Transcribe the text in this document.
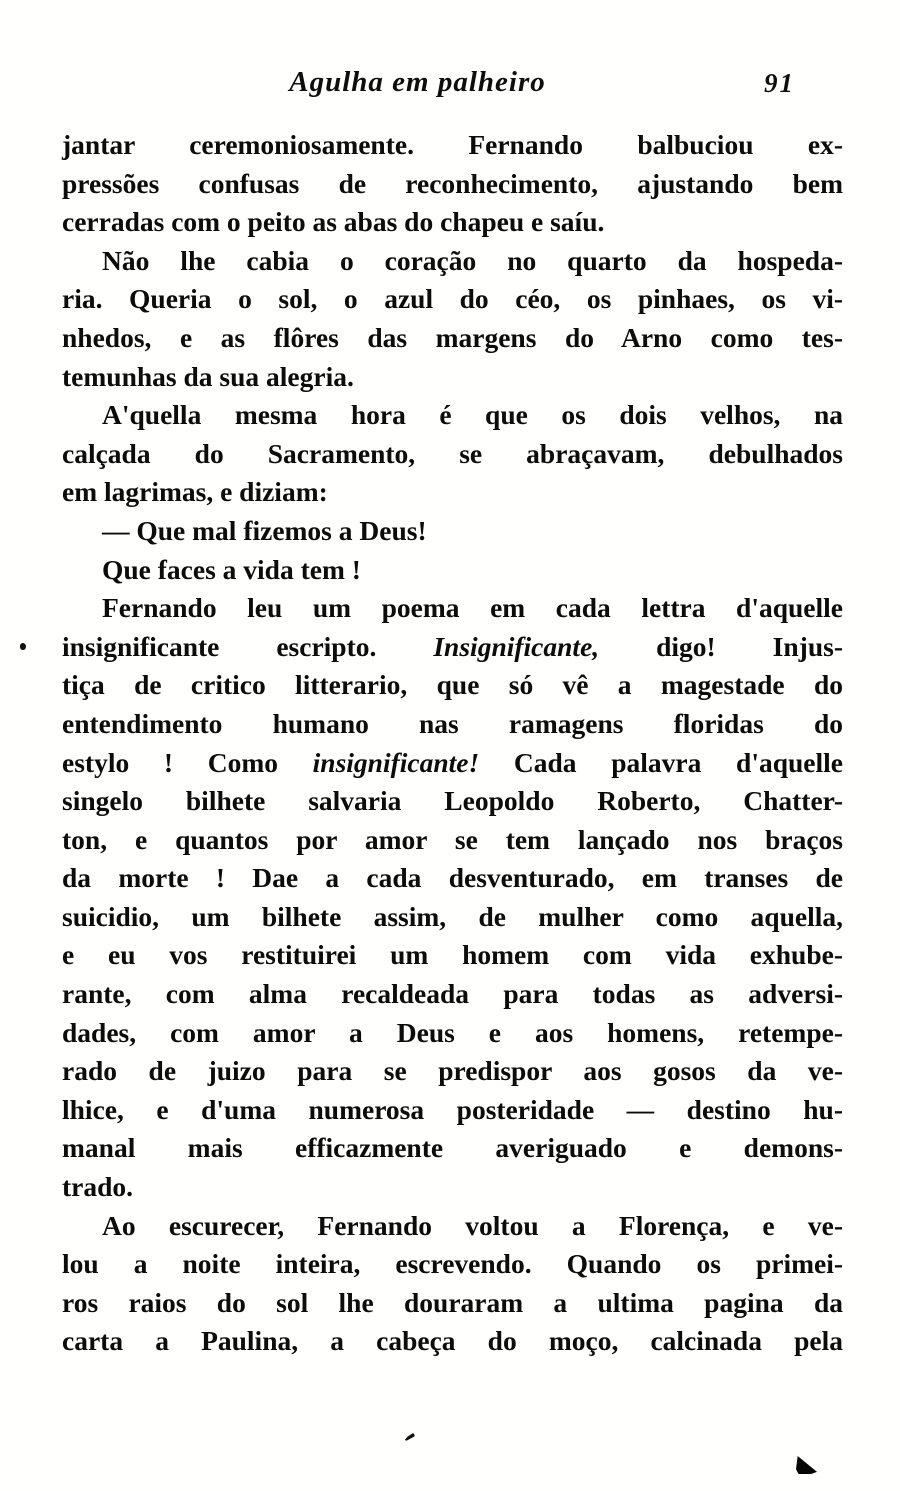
Agulha em palheiro	91
jantar ceremoniosamente. Fernando balbuciou ex-
pressões confusas de reconhecimento, ajustando bem
cerradas com o peito as abas do chapeu e saíu.
Não lhe cabia o coração no quarto da hospeda-
ria. Queria o sol, o azul do céo, os pinhaes, os vi-
nhedos, e as flôres das margens do Arno como tes-
temunhas da sua alegria.
A'quella mesma hora é que os dois velhos, na
calçada do Sacramento, se abraçavam, debulhados
em lagrimas, e diziam:
— Que mal fizemos a Deus!
Que faces a vida tem !
Fernando leu um poema em cada lettra d'aquelle
insignificante escripto. Insignificante, digo! Injus-
tiça de critico litterario, que só vê a magestade do
entendimento humano nas ramagens floridas do
estylo ! Como insignificante! Cada palavra d'aquelle
singelo bilhete salvaria Leopoldo Roberto, Chatter-
ton, e quantos por amor se tem lançado nos braços
da morte ! Dae a cada desventurado, em transes de
suicidio, um bilhete assim, de mulher como aquella,
e eu vos restituirei um homem com vida exhube-
rante, com alma recaldeada para todas as adversi-
dades, com amor a Deus e aos homens, retempe-
rado de juizo para se predispor aos gosos da ve-
lhice, e d'uma numerosa posteridade — destino hu-
manal mais efficazmente averiguado e demons-
trado.
Ao escurecer, Fernando voltou a Florença, e ve-
lou a noite inteira, escrevendo. Quando os primei-
ros raios do sol lhe douraram a ultima pagina da
carta a Paulina, a cabeça do moço, calcinada pela
